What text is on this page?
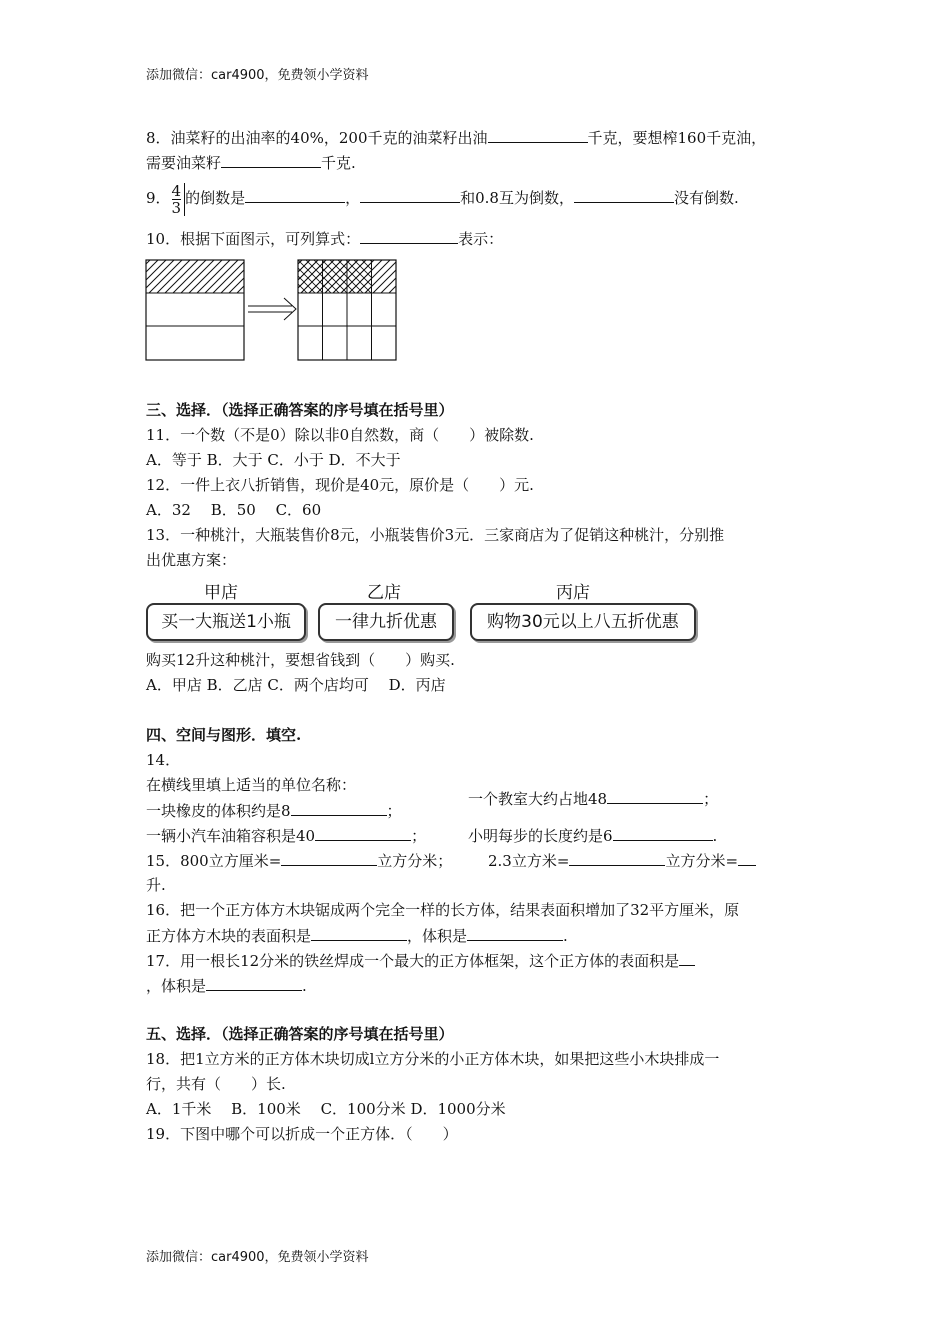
添加微信：car4900，免费领小学资料
8．油菜籽的出油率的40%，200千克的油菜籽出油	千克，要想榨160千克油，
需要油菜籽	千克.
9． $\frac{4}{3}$的倒数是	，	和0.8互为倒数，	没有倒数.
10．根据下面图示，可列算式：	表示：
三、选择．（选择正确答案的序号填在括号里）
11．一个数（不是0）除以非0自然数，商（　　）被除数.
A．等于 B．大于 C．小于 D．不大于
12．一件上衣八折销售，现价是40元，原价是（　　）元.
A．32　 B．50　 C．60
13．一种桃汁，大瓶装售价8元，小瓶装售价3元．三家商店为了促销这种桃汁，分别推
出优惠方案：
甲店	乙店	丙店
买一大瓶送1小瓶	一律九折优惠	购物30元以上八五折优惠
购买12升这种桃汁，要想省钱到（　　）购买.
A．甲店 B．乙店 C．两个店均可　 D．丙店
四、空间与图形．填空.
14．
在横线里填上适当的单位名称：
一块橡皮的体积约是8	；
一个教室大约占地48	；
一辆小汽车油箱容积是40	；	小明每步的长度约是6	.
15．800立方厘米=	立方分米； 2.3立方米=	立方分米=
升.
16．把一个正方体方木块锯成两个完全一样的长方体，结果表面积增加了32平方厘米，原
正方体方木块的表面积是	，体积是	.
17．用一根长12分米的铁丝焊成一个最大的正方体框架，这个正方体的表面积是
，体积是	.
五、选择．（选择正确答案的序号填在括号里）
18．把1立方米的正方体木块切成l立方分米的小正方体木块，如果把这些小木块排成一
行，共有（　　）长.
A．1千米　 B．100米　 C．100分米 D．1000分米
19．下图中哪个可以折成一个正方体．（　　）
添加微信：car4900，免费领小学资料
